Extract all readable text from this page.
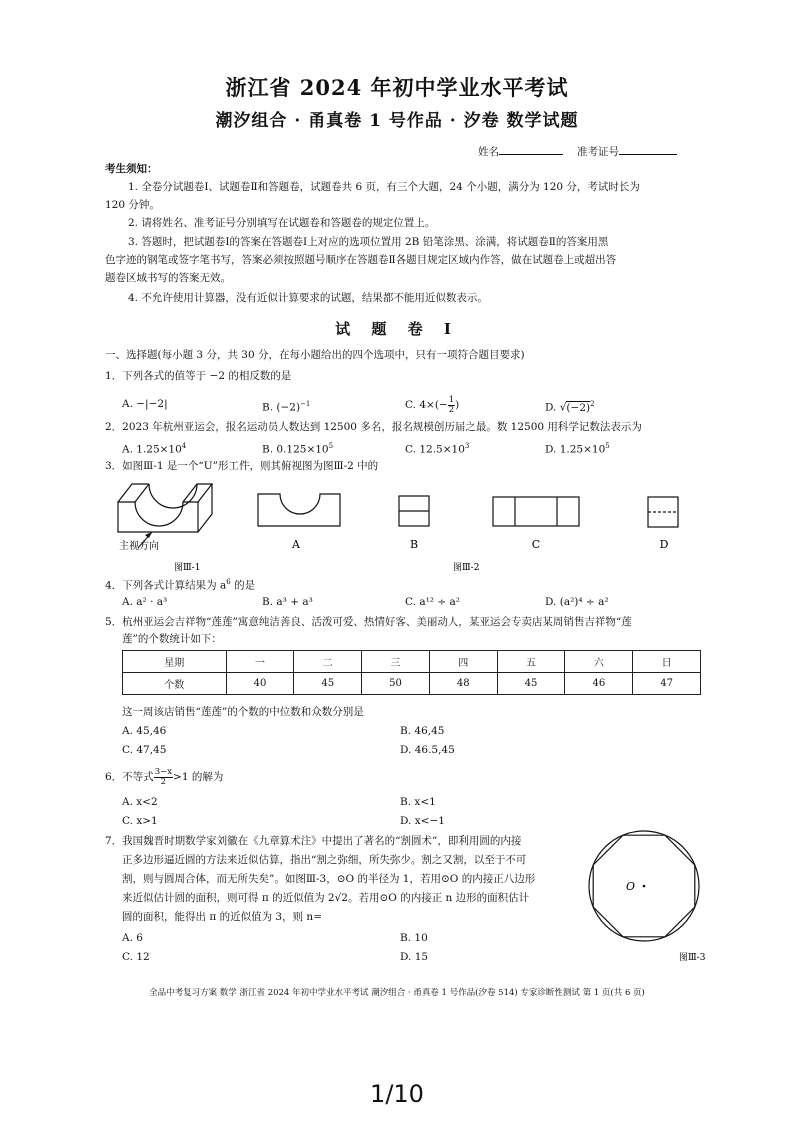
浙江省 2024 年初中学业水平考试
潮汐组合 · 甬真卷 1 号作品 · 汐卷 数学试题
姓名	准考证号
考生须知：
1. 全卷分试题卷Ⅰ、试题卷Ⅱ和答题卷，试题卷共 6 页，有三个大题，24 个小题，满分为 120 分，考试时长为
120 分钟。
2. 请将姓名、准考证号分别填写在试题卷和答题卷的规定位置上。
3. 答题时，把试题卷Ⅰ的答案在答题卷Ⅰ上对应的选项位置用 2B 铅笔涂黑、涂满，将试题卷Ⅱ的答案用黑
色字迹的钢笔或签字笔书写，答案必须按照题号顺序在答题卷Ⅱ各题目规定区域内作答，做在试题卷上或超出答
题卷区域书写的答案无效。
4. 不允许使用计算器，没有近似计算要求的试题，结果都不能用近似数表示。
试 题 卷 Ⅰ
一、选择题(每小题 3 分，共 30 分，在每小题给出的四个选项中，只有一项符合题目要求)
1．下列各式的值等于 −2 的相反数的是
A. −|−2|	B. $(-2)^{-1}$	C. $4\times(- \frac{1}{2}$ )	D. $√(-2)^2$
2．2023 年杭州亚运会，报名运动员人数达到 12500 多名，报名规模创历届之最。数 12500 用科学记数法表示为
A. $1.25\times 10^4$	B. $0.125\times 10^5$	C. $12.5\times 10^3$	D. $1.25\times 10^5$
3．如图Ⅲ-1 是一个“U”形工件，则其俯视图为图Ⅲ-2 中的
主视方向	A	B	C	D
图Ⅲ-1	图Ⅲ-2
4．下列各式计算结果为 $a^6$ 的是
A. a² · a³	B. a³ + a³	C. a¹² ÷ a²	D. (a²)⁴ ÷ a²
5．杭州亚运会吉祥物“莲莲”寓意纯洁善良、活泼可爱、热情好客、美丽动人，某亚运会专卖店某周销售吉祥物“莲
莲”的个数统计如下：
星期	一	二	三	四	五	六	日
个数	40	45	50	48	45	46	47
这一周该店销售“莲莲”的个数的中位数和众数分别是
A. 45,46	B. 46,45
C. 47,45	D. 46.5,45
6．不等式 $\frac{3-x}{2} >1$ 的解为
A. x<2	B. x<1
C. x>1	D. x<−1
7．我国魏晋时期数学家刘徽在《九章算术注》中提出了著名的“割圆术”，即利用圆的内接
正多边形逼近圆的方法来近似估算，指出“割之弥细，所失弥少。割之又割，以至于不可
割，则与圆周合体，而无所失矣”。如图Ⅲ-3，⊙O 的半径为 1，若用⊙O 的内接正八边形
来近似估计圆的面积，则可得 π 的近似值为 2√2。若用⊙O 的内接正 n 边形的面积估计
圆的面积，能得出 π 的近似值为 3，则 n=
A. 6	B. 10
C. 12	D. 15
O
图Ⅲ-3
全品中考复习方案 数学 浙江省 2024 年初中学业水平考试 潮汐组合 · 甬真卷 1 号作品(汐卷 514) 专家诊断性测试 第 1 页(共 6 页)
1/10
